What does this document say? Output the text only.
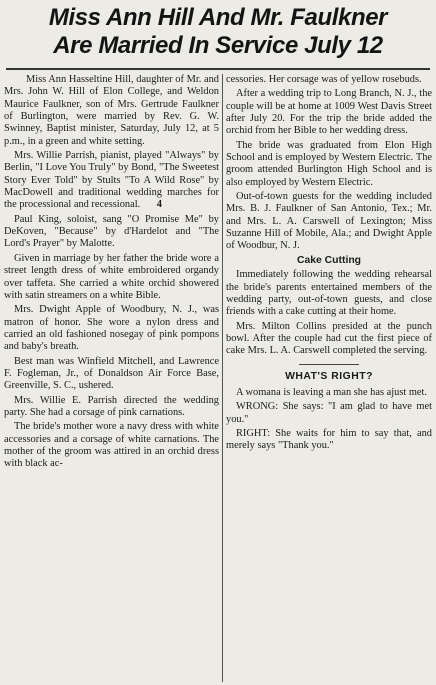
Miss Ann Hill And Mr. Faulkner
Are Married In Service July 12

Miss Ann Hasseltine Hill, daughter of Mr. and Mrs. John W. Hill of Elon College, and Weldon Maurice Faulkner, son of Mrs. Gertrude Faulkner of Burlington, were married by Rev. G. W. Swinney, Baptist minister, Saturday, July 12, at 5 p.m., in a green and white setting.

Mrs. Willie Parrish, pianist, played "Always" by Berlin, "I Love You Truly" by Bond, "The Sweetest Story Ever Told" by Stults "To A Wild Rose" by MacDowell and traditional wedding marches for the processional and recessional. 4

Paul King, soloist, sang "O Promise Me" by DeKoven, "Because" by d'Hardelot and "The Lord's Prayer" by Malotte.

Given in marriage by her father the bride wore a street length dress of white embroidered organdy over taffeta. She carried a white orchid showered with satin streamers on a white Bible.

Mrs. Dwight Apple of Woodbury, N. J., was matron of honor. She wore a nylon dress and carried an old fashioned nosegay of pink pompons and baby's breath.

Best man was Winfield Mitchell, and Lawrence F. Fogleman, Jr., of Donaldson Air Force Base, Greenville, S. C., ushered.

Mrs. Willie E. Parrish directed the wedding party. She had a corsage of pink carnations.

The bride's mother wore a navy dress with white accessories and a corsage of white carnations. The mother of the groom was attired in an orchid dress with black ac-

cessories. Her corsage was of yellow rosebuds.

After a wedding trip to Long Branch, N. J., the couple will be at home at 1009 West Davis Street after July 20. For the trip the bride added the orchid from her Bible to her wedding dress.

The bride was graduated from Elon High School and is employed by Western Electric. The groom attended Burlington High School and is also employed by Western Electric.

Out-of-town guests for the wedding included Mrs. B. J. Faulkner of San Antonio, Tex.; Mr. and Mrs. L. A. Carswell of Lexington; Miss Suzanne Hill of Mobile, Ala.; and Dwight Apple of Woodbur, N. J.

Cake Cutting

Immediately following the wedding rehearsal the bride's parents entertained members of the wedding party, out-of-town guests, and close friends with a cake cutting at their home.

Mrs. Milton Collins presided at the punch bowl. After the couple had cut the first piece of cake Mrs. L. A. Carswell completed the serving.

WHAT'S RIGHT?

A womana is leaving a man she has ajust met.

WRONG: She says: "I am glad to have met you."

RIGHT: She waits for him to say that, and merely says "Thank you."
